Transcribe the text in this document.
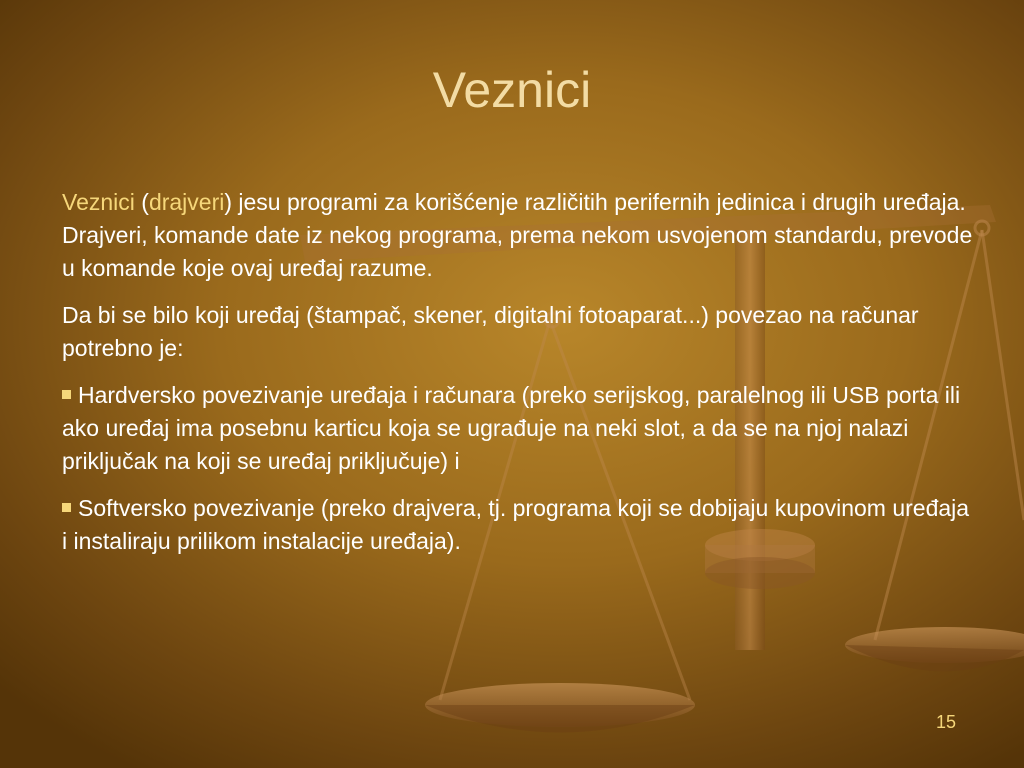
Veznici

Veznici (drajveri) jesu programi za korišćenje različitih perifernih jedinica i drugih uređaja.
Drajveri, komande date iz nekog programa, prema nekom usvojenom standardu, prevode u komande koje ovaj uređaj razume.

Da bi se bilo koji uređaj (štampač, skener, digitalni fotoaparat...) povezao na računar potrebno je:

Hardversko povezivanje uređaja i računara (preko serijskog, paralelnog ili USB porta ili ako uređaj ima posebnu karticu koja se ugrađuje na neki slot, a da se na njoj nalazi priključak na koji se uređaj priključuje) i

Softversko povezivanje (preko drajvera, tj. programa koji se dobijaju kupovinom uređaja i instaliraju prilikom instalacije uređaja).

15
